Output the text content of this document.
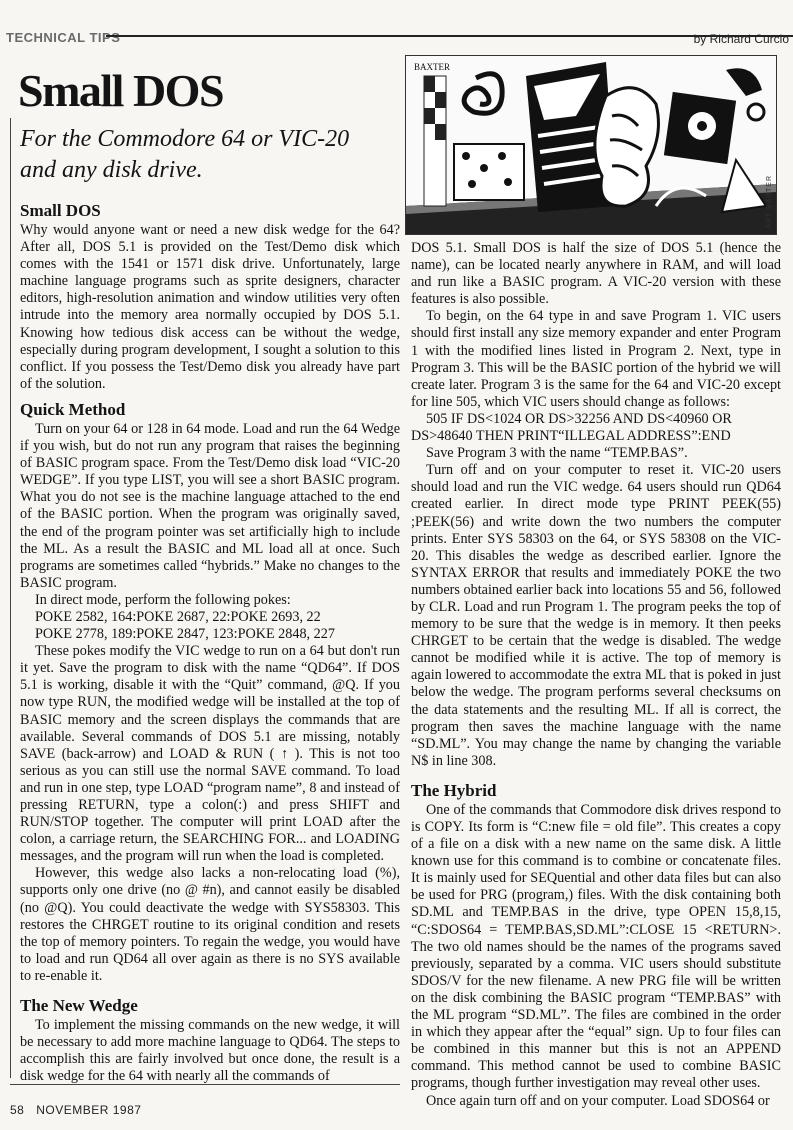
TECHNICAL TIPS	by Richard Curcio
Small DOS
For the Commodore 64 or VIC-20 and any disk drive.
BAXTER
ART BAXTER
Small DOS

Why would anyone want or need a new disk wedge for the 64? After all, DOS 5.1 is provided on the Test/Demo disk which comes with the 1541 or 1571 disk drive. Unfortunately, large machine language programs such as sprite designers, character editors, high-resolution animation and window utilities very often intrude into the memory area normally occupied by DOS 5.1. Knowing how tedious disk access can be without the wedge, especially during program development, I sought a solution to this conflict. If you possess the Test/Demo disk you already have part of the solution.

Quick Method

Turn on your 64 or 128 in 64 mode. Load and run the 64 Wedge if you wish, but do not run any program that raises the beginning of BASIC program space. From the Test/Demo disk load “VIC-20 WEDGE”. If you type LIST, you will see a short BASIC program. What you do not see is the machine language attached to the end of the BASIC portion. When the program was originally saved, the end of the program pointer was set artificially high to include the ML. As a result the BASIC and ML load all at once. Such programs are sometimes called “hybrids.” Make no changes to the BASIC program.

In direct mode, perform the following pokes:

POKE 2582, 164:POKE 2687, 22:POKE 2693, 22

POKE 2778, 189:POKE 2847, 123:POKE 2848, 227

These pokes modify the VIC wedge to run on a 64 but don't run it yet. Save the program to disk with the name “QD64”. If DOS 5.1 is working, disable it with the “Quit” command, @Q. If you now type RUN, the modified wedge will be installed at the top of BASIC memory and the screen displays the commands that are available. Several commands of DOS 5.1 are missing, notably SAVE (back-arrow) and LOAD & RUN ( ↑ ). This is not too serious as you can still use the normal SAVE command. To load and run in one step, type LOAD “program name”, 8 and instead of pressing RETURN, type a colon(:) and press SHIFT and RUN/STOP together. The computer will print LOAD after the colon, a carriage return, the SEARCHING FOR... and LOADING messages, and the program will run when the load is completed.

However, this wedge also lacks a non-relocating load (%), supports only one drive (no @ #n), and cannot easily be disabled (no @Q). You could deactivate the wedge with SYS58303. This restores the CHRGET routine to its original condition and resets the top of memory pointers. To regain the wedge, you would have to load and run QD64 all over again as there is no SYS available to re-enable it.

The New Wedge

To implement the missing commands on the new wedge, it will be necessary to add more machine language to QD64. The steps to accomplish this are fairly involved but once done, the result is a disk wedge for the 64 with nearly all the commands of

DOS 5.1. Small DOS is half the size of DOS 5.1 (hence the name), can be located nearly anywhere in RAM, and will load and run like a BASIC program. A VIC-20 version with these features is also possible.

To begin, on the 64 type in and save Program 1. VIC users should first install any size memory expander and enter Program 1 with the modified lines listed in Program 2. Next, type in Program 3. This will be the BASIC portion of the hybrid we will create later. Program 3 is the same for the 64 and VIC-20 except for line 505, which VIC users should change as follows:

505 IF DS<1024 OR DS>32256 AND DS<40960 OR DS>48640 THEN PRINT“ILLEGAL ADDRESS”:END

Save Program 3 with the name “TEMP.BAS”.

Turn off and on your computer to reset it. VIC-20 users should load and run the VIC wedge. 64 users should run QD64 created earlier. In direct mode type PRINT PEEK(55) ;PEEK(56) and write down the two numbers the computer prints. Enter SYS 58303 on the 64, or SYS 58308 on the VIC-20. This disables the wedge as described earlier. Ignore the SYNTAX ERROR that results and immediately POKE the two numbers obtained earlier back into locations 55 and 56, followed by CLR. Load and run Program 1. The program peeks the top of memory to be sure that the wedge is in memory. It then peeks CHRGET to be certain that the wedge is disabled. The wedge cannot be modified while it is active. The top of memory is again lowered to accommodate the extra ML that is poked in just below the wedge. The program performs several checksums on the data statements and the resulting ML. If all is correct, the program then saves the machine language with the name “SD.ML”. You may change the name by changing the variable N$ in line 308.

The Hybrid

One of the commands that Commodore disk drives respond to is COPY. Its form is “C:new file = old file”. This creates a copy of a file on a disk with a new name on the same disk. A little known use for this command is to combine or concatenate files. It is mainly used for SEQuential and other data files but can also be used for PRG (program,) files. With the disk containing both SD.ML and TEMP.BAS in the drive, type OPEN 15,8,15, “C:SDOS64 = TEMP.BAS,SD.ML”:CLOSE 15 <RETURN>. The two old names should be the names of the programs saved previously, separated by a comma. VIC users should substitute SDOS/V for the new filename. A new PRG file will be written on the disk combining the BASIC program “TEMP.BAS” with the ML program “SD.ML”. The files are combined in the order in which they appear after the “equal” sign. Up to four files can be combined in this manner but this is not an APPEND command. This method cannot be used to combine BASIC programs, though further investigation may reveal other uses.

Once again turn off and on your computer. Load SDOS64 or

58 NOVEMBER 1987
